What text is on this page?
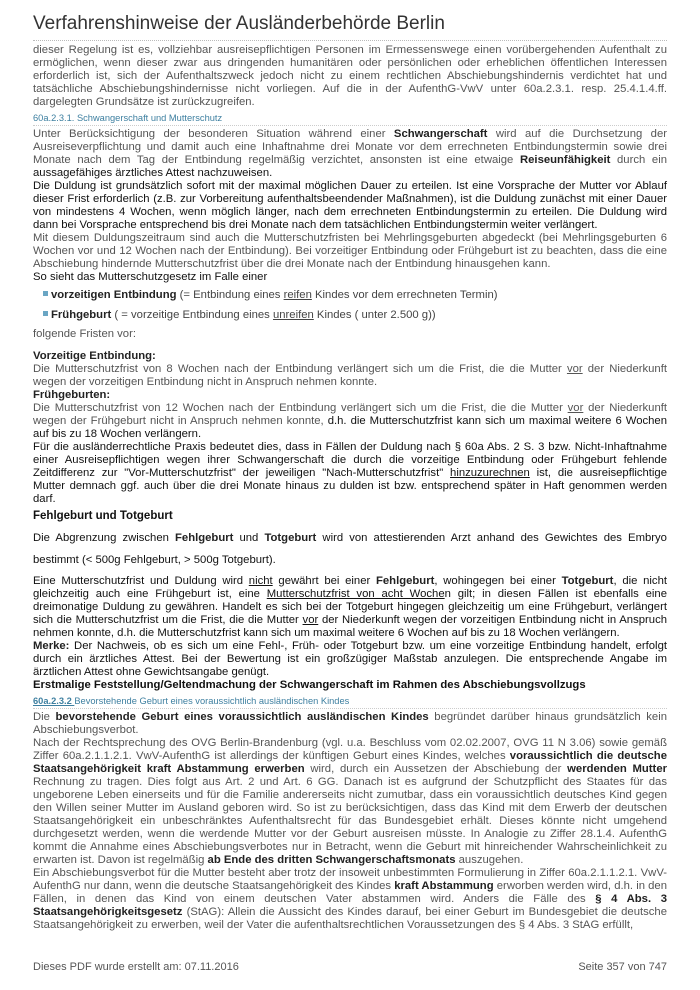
Verfahrenshinweise der Ausländerbehörde Berlin

dieser Regelung ist es, vollziehbar ausreisepflichtigen Personen im Ermessenswege einen vorübergehenden Aufenthalt zu ermöglichen, wenn dieser zwar aus dringenden humanitären oder persönlichen oder erheblichen öffentlichen Interessen erforderlich ist, sich der Aufenthaltszweck jedoch nicht zu einem rechtlichen Abschiebungshindernis verdichtet hat und tatsächliche Abschiebungshindernisse nicht vorliegen. Auf die in der AufenthG-VwV unter 60a.2.3.1. resp. 25.4.1.4.ff. dargelegten Grundsätze ist zurückzugreifen.

60a.2.3.1. Schwangerschaft und Mutterschutz

Unter Berücksichtigung der besonderen Situation während einer Schwangerschaft wird auf die Durchsetzung der Ausreiseverpflichtung und damit auch eine Inhaftnahme drei Monate vor dem errechneten Entbindungstermin sowie drei Monate nach dem Tag der Entbindung regelmäßig verzichtet, ansonsten ist eine etwaige Reiseunfähigkeit durch ein aussagefähiges ärztliches Attest nachzuweisen.

Die Duldung ist grundsätzlich sofort mit der maximal möglichen Dauer zu erteilen. Ist eine Vorsprache der Mutter vor Ablauf dieser Frist erforderlich (z.B. zur Vorbereitung aufenthaltsbeendender Maßnahmen), ist die Duldung zunächst mit einer Dauer von mindestens 4 Wochen, wenn möglich länger, nach dem errechneten Entbindungstermin zu erteilen. Die Duldung wird dann bei Vorsprache entsprechend bis drei Monate nach dem tatsächlichen Entbindungstermin weiter verlängert.

Mit diesem Duldungszeitraum sind auch die Mutterschutzfristen bei Mehrlingsgeburten abgedeckt (bei Mehrlingsgeburten 6 Wochen vor und 12 Wochen nach der Entbindung). Bei vorzeitiger Entbindung oder Frühgeburt ist zu beachten, dass die eine Abschiebung hindernde Mutterschutzfrist über die drei Monate nach der Entbindung hinausgehen kann.

So sieht das Mutterschutzgesetz im Falle einer

vorzeitigen Entbindung (= Entbindung eines reifen Kindes vor dem errechneten Termin)
Frühgeburt ( = vorzeitige Entbindung eines unreifen Kindes ( unter 2.500 g))

folgende Fristen vor:

Vorzeitige Entbindung:

Die Mutterschutzfrist von 8 Wochen nach der Entbindung verlängert sich um die Frist, die die Mutter vor der Niederkunft wegen der vorzeitigen Entbindung nicht in Anspruch nehmen konnte.

Frühgeburten:

Die Mutterschutzfrist von 12 Wochen nach der Entbindung verlängert sich um die Frist, die die Mutter vor der Niederkunft wegen der Frühgeburt nicht in Anspruch nehmen konnte, d.h. die Mutterschutzfrist kann sich um maximal weitere 6 Wochen auf bis zu 18 Wochen verlängern.

Für die ausländerrechtliche Praxis bedeutet dies, dass in Fällen der Duldung nach § 60a Abs. 2 S. 3 bzw. Nicht-Inhaftnahme einer Ausreisepflichtigen wegen ihrer Schwangerschaft die durch die vorzeitige Entbindung oder Frühgeburt fehlende Zeitdifferenz zur "Vor-Mutterschutzfrist" der jeweiligen "Nach-Mutterschutzfrist" hinzuzurechnen ist, die ausreisepflichtige Mutter demnach ggf. auch über die drei Monate hinaus zu dulden ist bzw. entsprechend später in Haft genommen werden darf.

Fehlgeburt und Totgeburt

Die Abgrenzung zwischen Fehlgeburt und Totgeburt wird von attestierenden Arzt anhand des Gewichtes des Embryo bestimmt (< 500g Fehlgeburt, > 500g Totgeburt).

Eine Mutterschutzfrist und Duldung wird nicht gewährt bei einer Fehlgeburt, wohingegen bei einer Totgeburt, die nicht gleichzeitig auch eine Frühgeburt ist, eine Mutterschutzfrist von acht Wochen gilt; in diesen Fällen ist ebenfalls eine dreimonatige Duldung zu gewähren. Handelt es sich bei der Totgeburt hingegen gleichzeitig um eine Frühgeburt, verlängert sich die Mutterschutzfrist um die Frist, die die Mutter vor der Niederkunft wegen der vorzeitigen Entbindung nicht in Anspruch nehmen konnte, d.h. die Mutterschutzfrist kann sich um maximal weitere 6 Wochen auf bis zu 18 Wochen verlängern.

Merke: Der Nachweis, ob es sich um eine Fehl-, Früh- oder Totgeburt bzw. um eine vorzeitige Entbindung handelt, erfolgt durch ein ärztliches Attest. Bei der Bewertung ist ein großzügiger Maßstab anzulegen. Die entsprechende Angabe im ärztlichen Attest ohne Gewichtsangabe genügt.

Erstmalige Feststellung/Geltendmachung der Schwangerschaft im Rahmen des Abschiebungsvollzugs
60a.2.3.2 Bevorstehende Geburt eines voraussichtlich ausländischen Kindes

Die bevorstehende Geburt eines voraussichtlich ausländischen Kindes begründet darüber hinaus grundsätzlich kein Abschiebungsverbot.

Nach der Rechtsprechung des OVG Berlin-Brandenburg (vgl. u.a. Beschluss vom 02.02.2007, OVG 11 N 3.06) sowie gemäß Ziffer 60a.2.1.1.2.1. VwV-AufenthG ist allerdings der künftigen Geburt eines Kindes, welches voraussichtlich die deutsche Staatsangehörigkeit kraft Abstammung erwerben wird, durch ein Aussetzen der Abschiebung der werdenden Mutter Rechnung zu tragen. Dies folgt aus Art. 2 und Art. 6 GG. Danach ist es aufgrund der Schutzpflicht des Staates für das ungeborene Leben einerseits und für die Familie andererseits nicht zumutbar, dass ein voraussichtlich deutsches Kind gegen den Willen seiner Mutter im Ausland geboren wird. So ist zu berücksichtigen, dass das Kind mit dem Erwerb der deutschen Staatsangehörigkeit ein unbeschränktes Aufenthaltsrecht für das Bundesgebiet erhält. Dieses könnte nicht umgehend durchgesetzt werden, wenn die werdende Mutter vor der Geburt ausreisen müsste. In Analogie zu Ziffer 28.1.4. AufenthG kommt die Annahme eines Abschiebungsverbotes nur in Betracht, wenn die Geburt mit hinreichender Wahrscheinlichkeit zu erwarten ist. Davon ist regelmäßig ab Ende des dritten Schwangerschaftsmonats auszugehen.

Ein Abschiebungsverbot für die Mutter besteht aber trotz der insoweit unbestimmten Formulierung in Ziffer 60a.2.1.1.2.1. VwV-AufenthG nur dann, wenn die deutsche Staatsangehörigkeit des Kindes kraft Abstammung erworben werden wird, d.h. in den Fällen, in denen das Kind von einem deutschen Vater abstammen wird. Anders die Fälle des § 4 Abs. 3 Staatsangehörigkeitsgesetz (StAG): Allein die Aussicht des Kindes darauf, bei einer Geburt im Bundesgebiet die deutsche Staatsangehörigkeit zu erwerben, weil der Vater die aufenthaltsrechtlichen Voraussetzungen des § 4 Abs. 3 StAG erfüllt,

Dieses PDF wurde erstellt am: 07.11.2016	Seite 357 von 747
